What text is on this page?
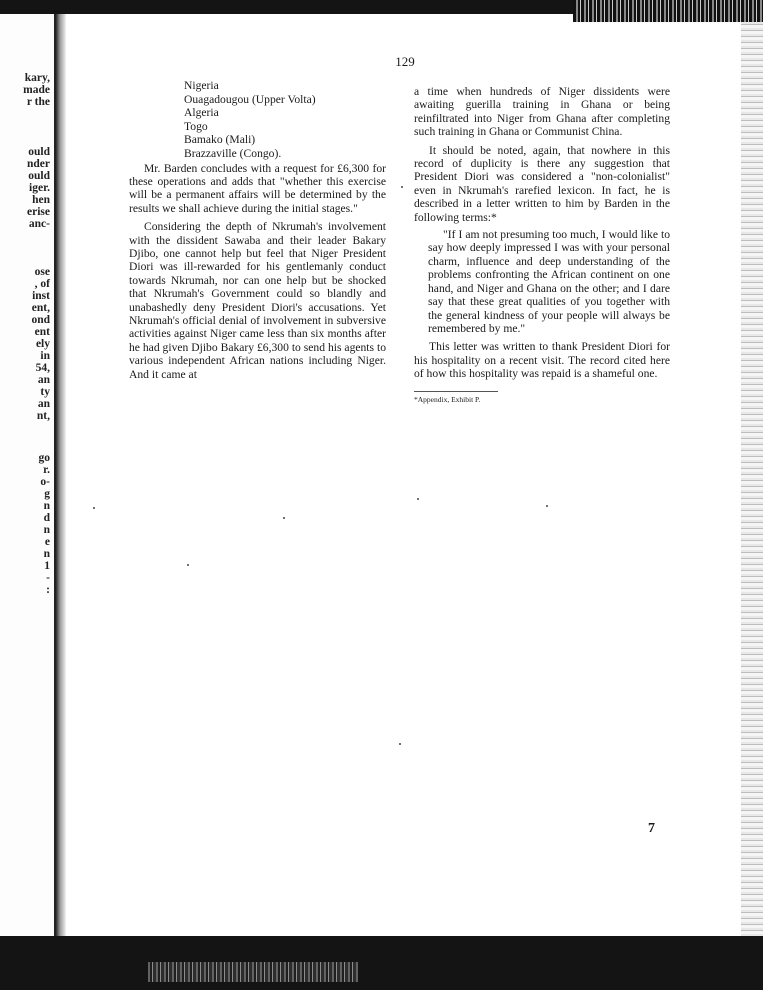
kary,
made
r the
ould
nder
ould
iger.
hen
erise
anc-
ose
, of
inst
ent,
ond
ent
ely
in
54,
an
ty
an
nt,
go
r.
o-
g
n
d
n
e
n
1
-
:
129
Nigeria
Ouagadougou (Upper Volta)
Algeria
Togo
Bamako (Mali)
Brazzaville (Congo).

Mr. Barden concludes with a request for £6,300 for these operations and adds that "whether this exercise will be a permanent affairs will be determined by the results we shall achieve during the initial stages."

Considering the depth of Nkrumah's involvement with the dissident Sawaba and their leader Bakary Djibo, one cannot help but feel that Niger President Diori was ill-rewarded for his gentlemanly conduct towards Nkrumah, nor can one help but be shocked that Nkrumah's Government could so blandly and unabashedly deny President Diori's accusations. Yet Nkrumah's official denial of involvement in subversive activities against Niger came less than six months after he had given Djibo Bakary £6,300 to send his agents to various independent African nations including Niger. And it came at

a time when hundreds of Niger dissidents were awaiting guerilla training in Ghana or being reinfiltrated into Niger from Ghana after completing such training in Ghana or Communist China.

It should be noted, again, that nowhere in this record of duplicity is there any suggestion that President Diori was considered a "non-colonialist" even in Nkrumah's rarefied lexicon. In fact, he is described in a letter written to him by Barden in the following terms:*

"If I am not presuming too much, I would like to say how deeply impressed I was with your personal charm, influence and deep understanding of the problems confronting the African continent on one hand, and Niger and Ghana on the other; and I dare say that these great qualities of you together with the general kindness of your people will always be remembered by me."

This letter was written to thank President Diori for his hospitality on a recent visit. The record cited here of how this hospitality was repaid is a shameful one.

*Appendix, Exhibit P.

7
